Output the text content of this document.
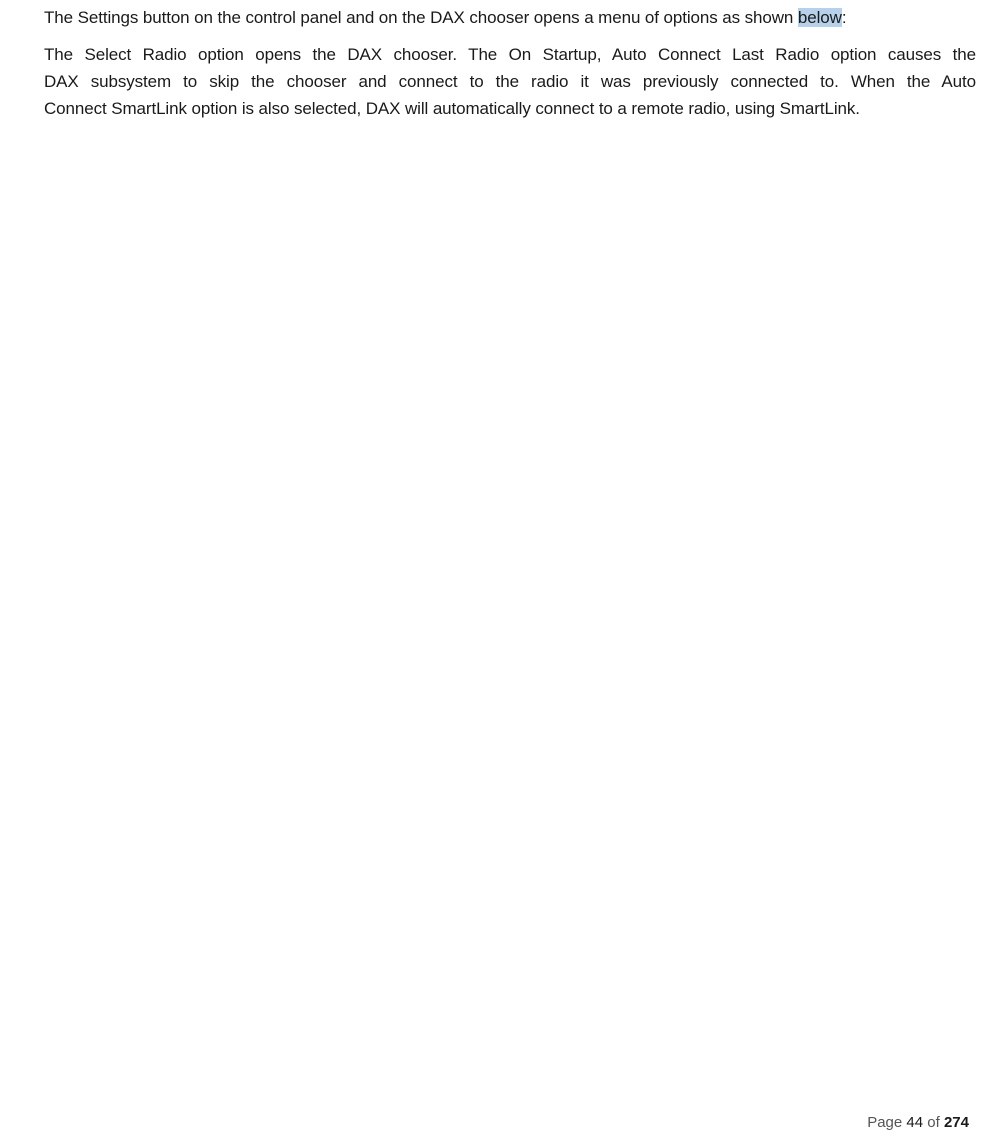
The Settings button on the control panel and on the DAX chooser opens a menu of options as shown below:

The Select Radio option opens the DAX chooser. The On Startup, Auto Connect Last Radio option causes the
DAX subsystem to skip the chooser and connect to the radio it was previously connected to. When the Auto
Connect SmartLink option is also selected, DAX will automatically connect to a remote radio, using SmartLink.

Page 44 of 274
